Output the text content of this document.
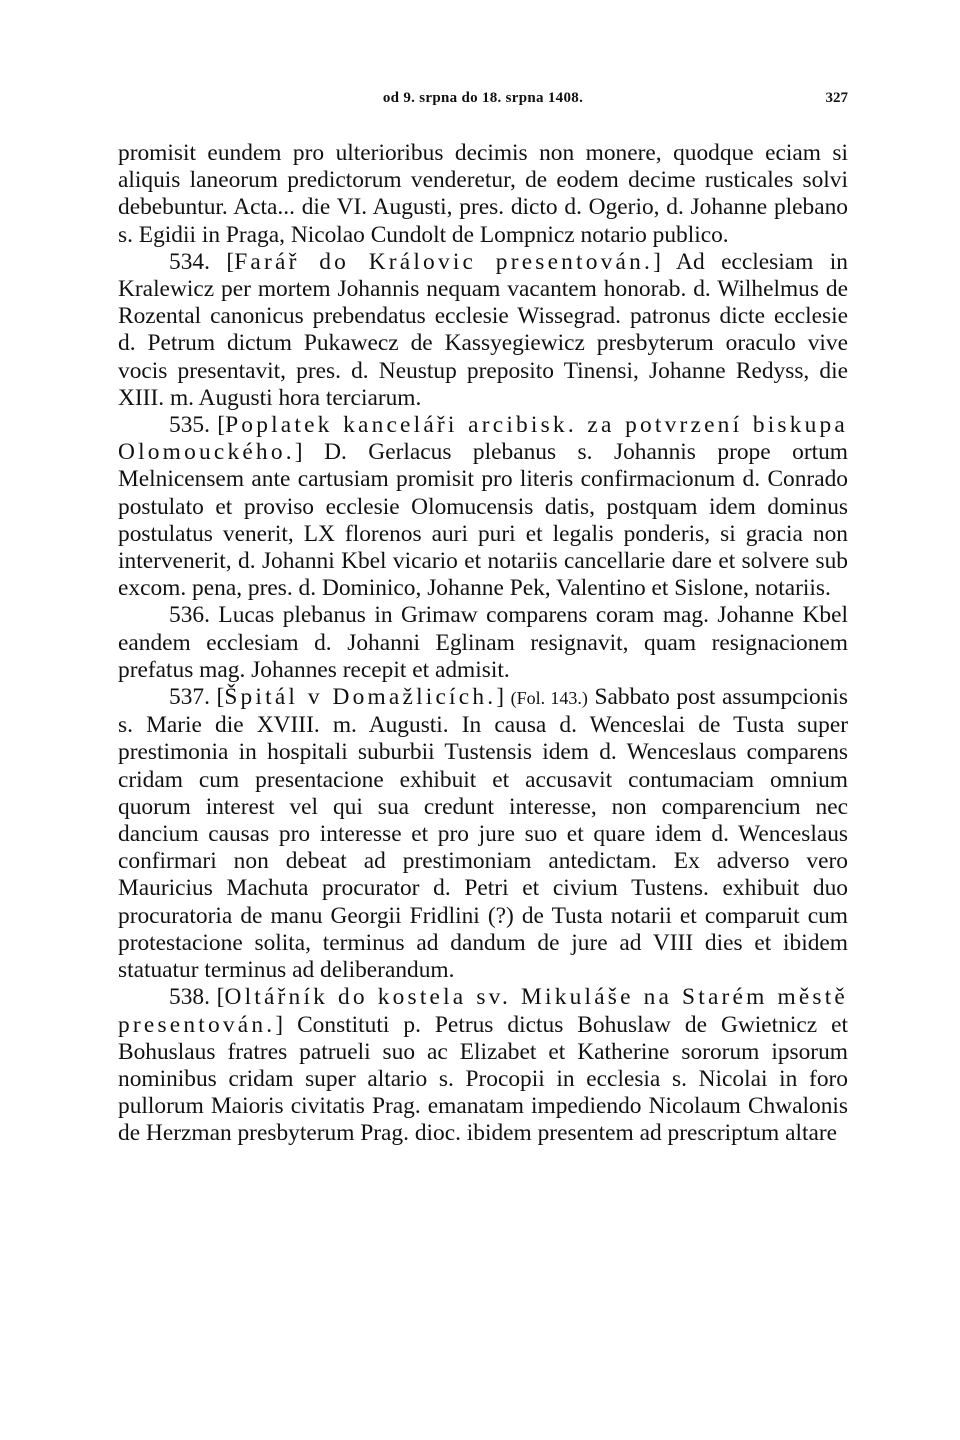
od 9. srpna do 18. srpna 1408.	327

promisit eundem pro ulterioribus decimis non monere, quodque eciam si aliquis laneorum predictorum venderetur, de eodem decime rusticales solvi debebuntur. Acta... die VI. Augusti, pres. dicto d. Ogerio, d. Johanne plebano s. Egidii in Praga, Nicolao Cundolt de Lompnicz notario publico.

534. [Farář do Královic presentován.] Ad ecclesiam in Kralewicz per mortem Johannis nequam vacantem honorab. d. Wilhelmus de Rozental canonicus prebendatus ecclesie Wissegrad. patronus dicte ecclesie d. Petrum dictum Pukawecz de Kassyegiewicz presbyterum oraculo vive vocis presentavit, pres. d. Neustup preposito Tinensi, Johanne Redyss, die XIII. m. Augusti hora terciarum.

535. [Poplatek kanceláři arcibisk. za potvrzení biskupa Olomouckého.] D. Gerlacus plebanus s. Johannis prope ortum Melnicensem ante cartusiam promisit pro literis confirmacionum d. Conrado postulato et proviso ecclesie Olomucensis datis, postquam idem dominus postulatus venerit, LX florenos auri puri et legalis ponderis, si gracia non intervenerit, d. Johanni Kbel vicario et notariis cancellarie dare et solvere sub excom. pena, pres. d. Dominico, Johanne Pek, Valentino et Sislone, notariis.

536. Lucas plebanus in Grimaw comparens coram mag. Johanne Kbel eandem ecclesiam d. Johanni Eglinam resignavit, quam resignacionem prefatus mag. Johannes recepit et admisit.

537. [Špitál v Domažlicích.] (Fol. 143.) Sabbato post assumpcionis s. Marie die XVIII. m. Augusti. In causa d. Wenceslai de Tusta super prestimonia in hospitali suburbii Tustensis idem d. Wenceslaus comparens cridam cum presentacione exhibuit et accusavit contumaciam omnium quorum interest vel qui sua credunt interesse, non comparencium nec dancium causas pro interesse et pro jure suo et quare idem d. Wenceslaus confirmari non debeat ad prestimoniam antedictam. Ex adverso vero Mauricius Machuta procurator d. Petri et civium Tustens. exhibuit duo procuratoria de manu Georgii Fridlini (?) de Tusta notarii et comparuit cum protestacione solita, terminus ad dandum de jure ad VIII dies et ibidem statuatur terminus ad deliberandum.

538. [Oltářník do kostela sv. Mikuláše na Starém městě presentován.] Constituti p. Petrus dictus Bohuslaw de Gwietnicz et Bohuslaus fratres patrueli suo ac Elizabet et Katherine sororum ipsorum nominibus cridam super altario s. Procopii in ecclesia s. Nicolai in foro pullorum Maioris civitatis Prag. emanatam impediendo Nicolaum Chwalonis de Herzman presbyterum Prag. dioc. ibidem presentem ad prescriptum altare
